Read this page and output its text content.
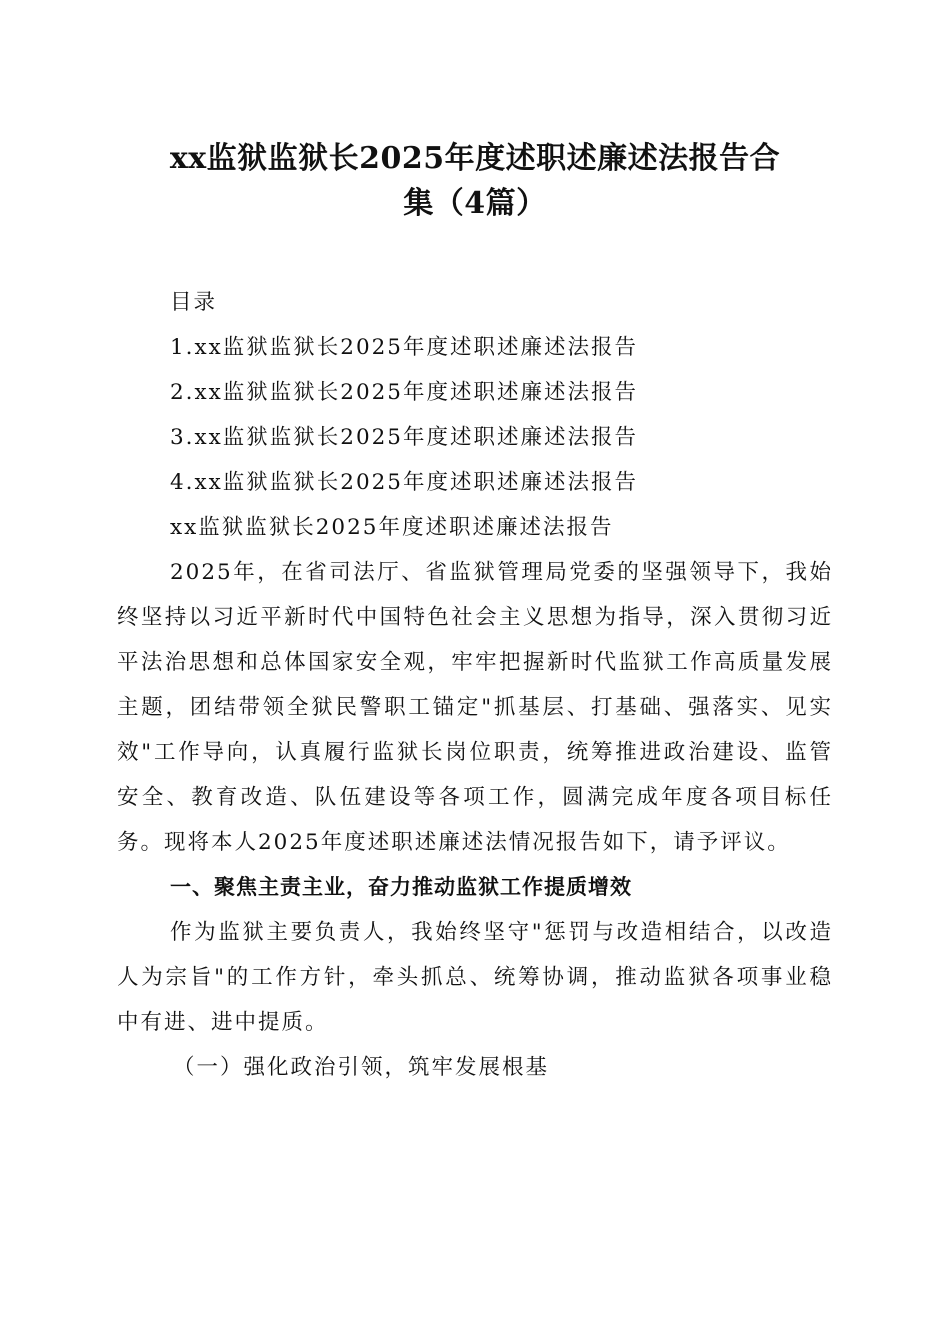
xx监狱监狱长2025年度述职述廉述法报告合
集（4篇）

目录

1.xx监狱监狱长2025年度述职述廉述法报告

2.xx监狱监狱长2025年度述职述廉述法报告

3.xx监狱监狱长2025年度述职述廉述法报告

4.xx监狱监狱长2025年度述职述廉述法报告

xx监狱监狱长2025年度述职述廉述法报告

2025年，在省司法厅、省监狱管理局党委的坚强领导下，我始终坚持以习近平新时代中国特色社会主义思想为指导，深入贯彻习近平法治思想和总体国家安全观，牢牢把握新时代监狱工作高质量发展主题，团结带领全狱民警职工锚定"抓基层、打基础、强落实、见实效"工作导向，认真履行监狱长岗位职责，统筹推进政治建设、监管安全、教育改造、队伍建设等各项工作，圆满完成年度各项目标任务。现将本人2025年度述职述廉述法情况报告如下，请予评议。

一、聚焦主责主业，奋力推动监狱工作提质增效

作为监狱主要负责人，我始终坚守"惩罚与改造相结合，以改造人为宗旨"的工作方针，牵头抓总、统筹协调，推动监狱各项事业稳中有进、进中提质。

（一）强化政治引领，筑牢发展根基
